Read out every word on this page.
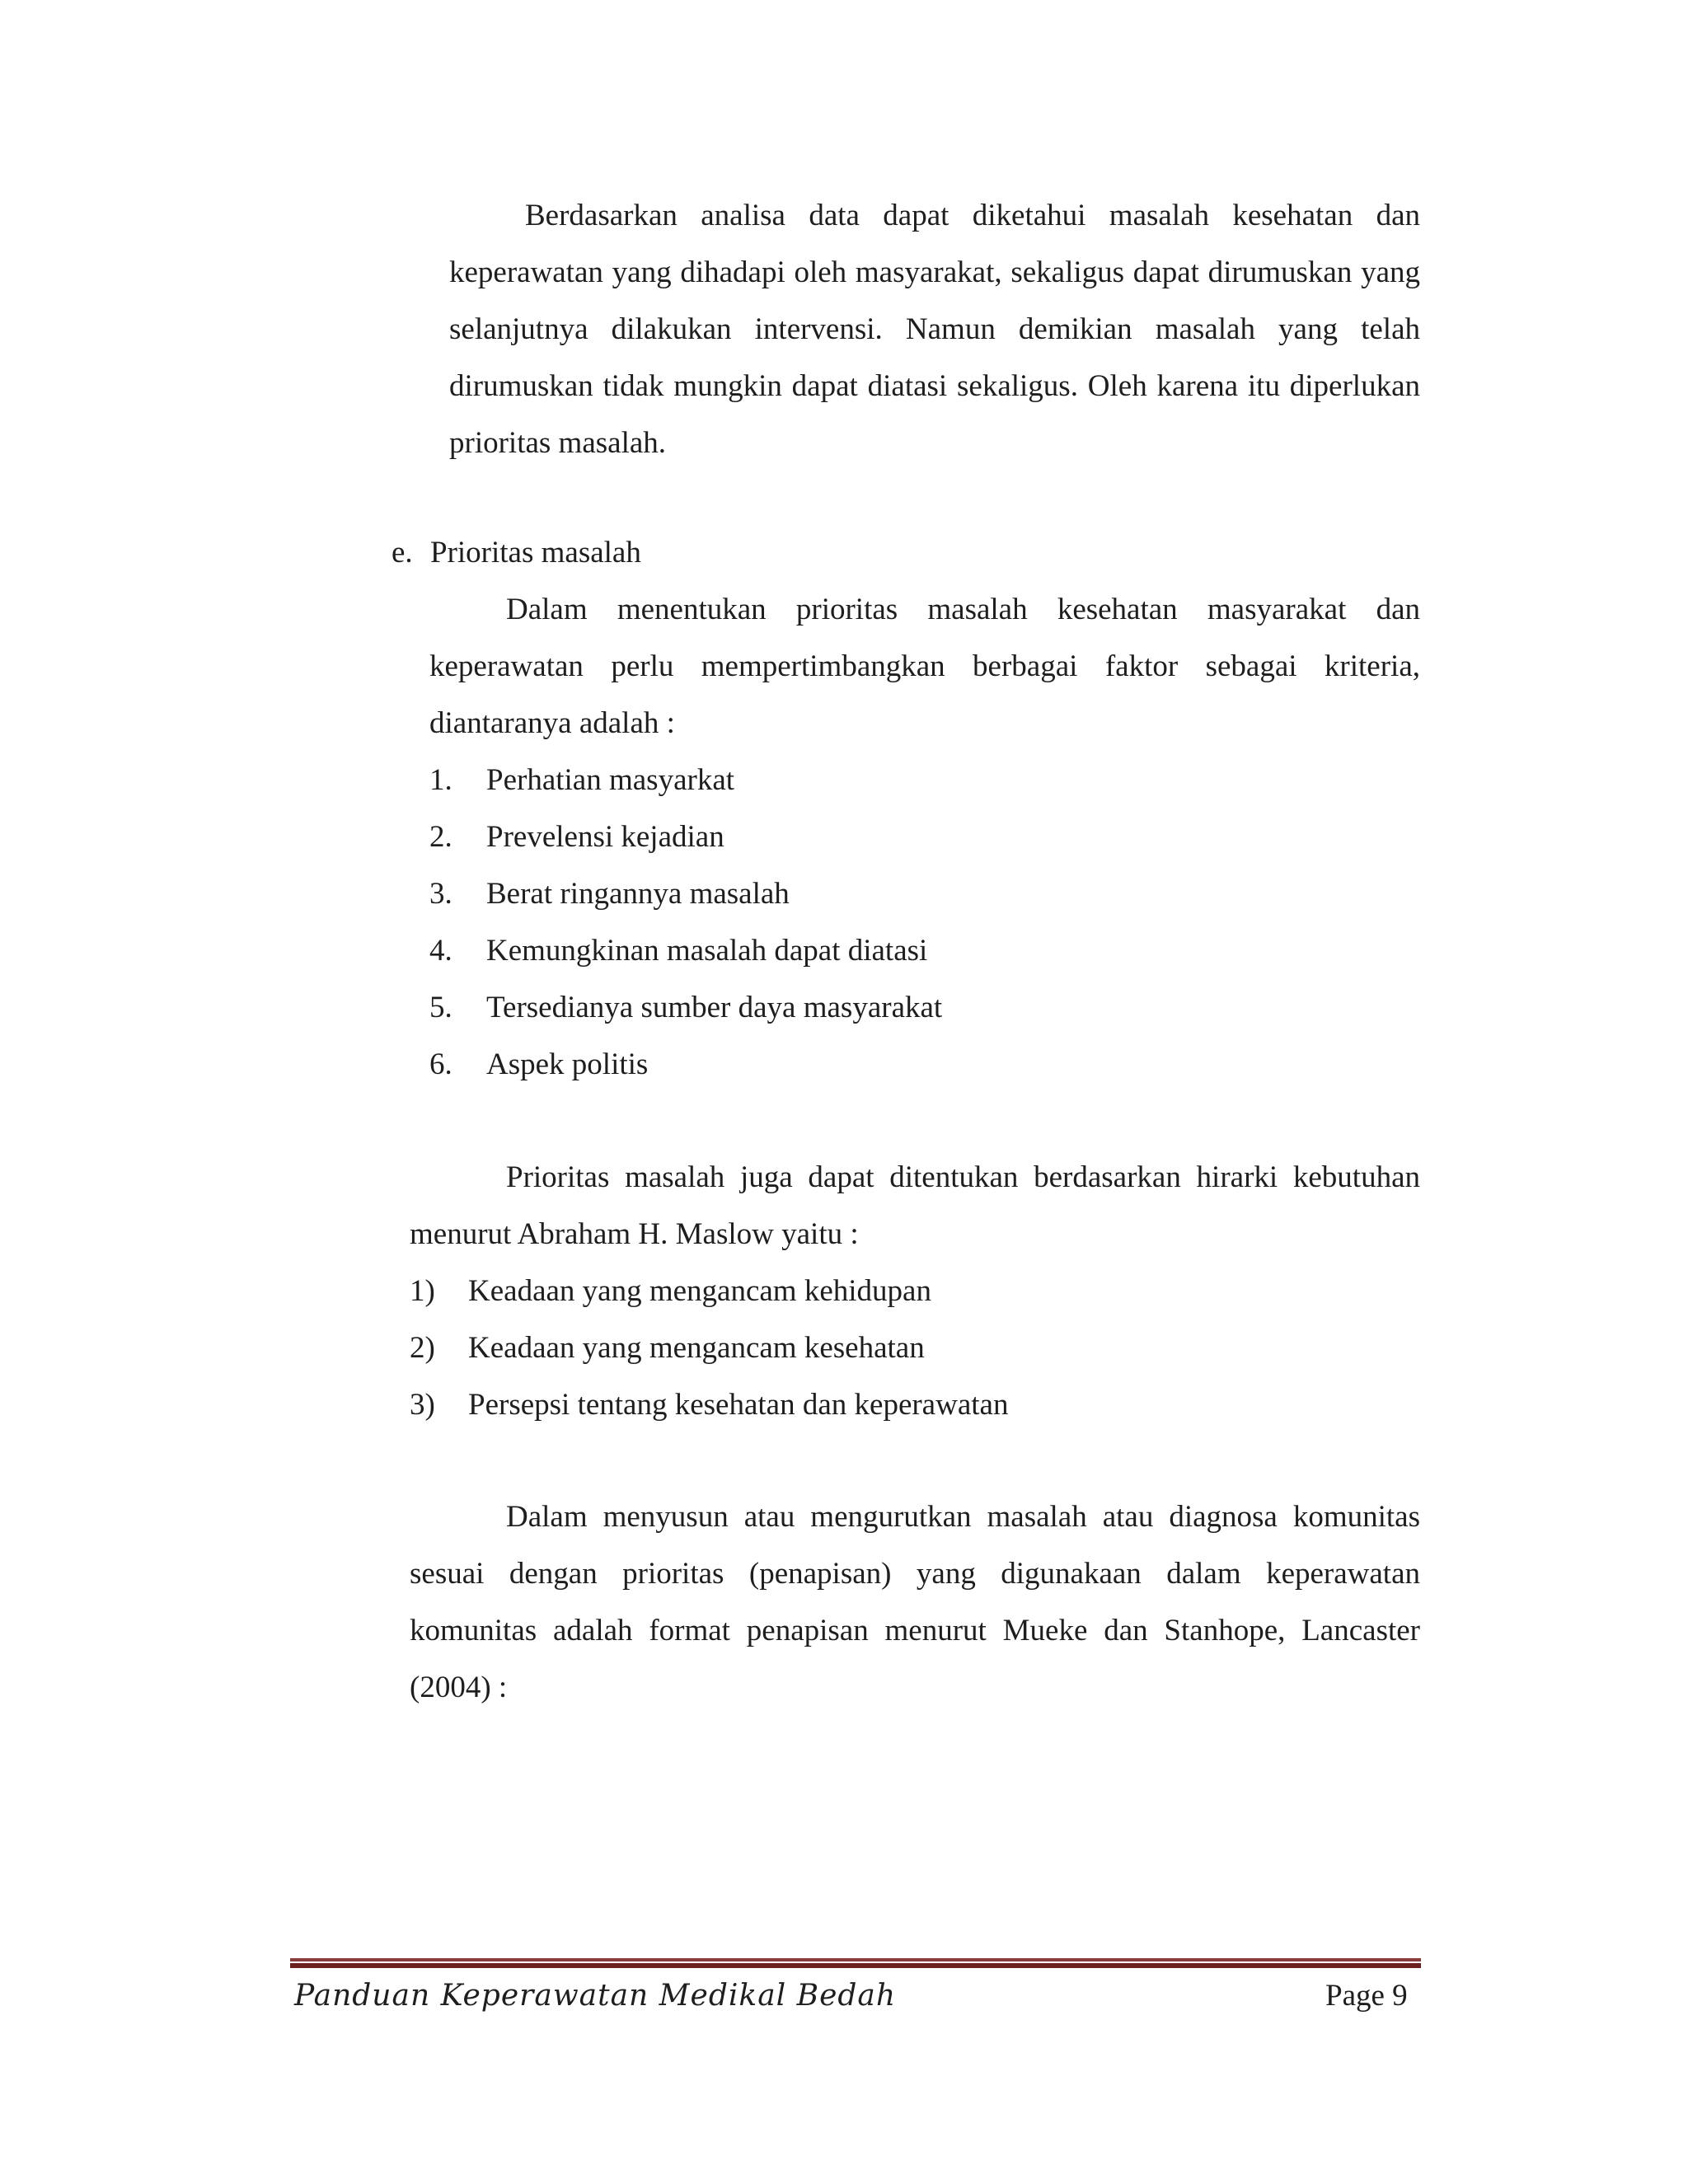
Berdasarkan analisa data dapat diketahui masalah kesehatan dan keperawatan yang dihadapi oleh masyarakat, sekaligus dapat dirumuskan yang selanjutnya dilakukan intervensi. Namun demikian masalah yang telah dirumuskan tidak mungkin dapat diatasi sekaligus. Oleh karena itu diperlukan prioritas masalah.

e. Prioritas masalah

Dalam menentukan prioritas masalah kesehatan masyarakat dan keperawatan perlu mempertimbangkan berbagai faktor sebagai kriteria, diantaranya adalah :

1. Perhatian masyarkat
2. Prevelensi kejadian
3. Berat ringannya masalah
4. Kemungkinan masalah dapat diatasi
5. Tersedianya sumber daya masyarakat
6. Aspek politis

Prioritas masalah juga dapat ditentukan berdasarkan hirarki kebutuhan menurut Abraham H. Maslow yaitu :

1) Keadaan yang mengancam kehidupan
2) Keadaan yang mengancam kesehatan
3) Persepsi tentang kesehatan dan keperawatan

Dalam menyusun atau mengurutkan masalah atau diagnosa komunitas sesuai dengan prioritas (penapisan) yang digunakaan dalam keperawatan komunitas adalah format penapisan menurut Mueke dan Stanhope, Lancaster (2004) :

Panduan Keperawatan Medikal Bedah	Page 9
